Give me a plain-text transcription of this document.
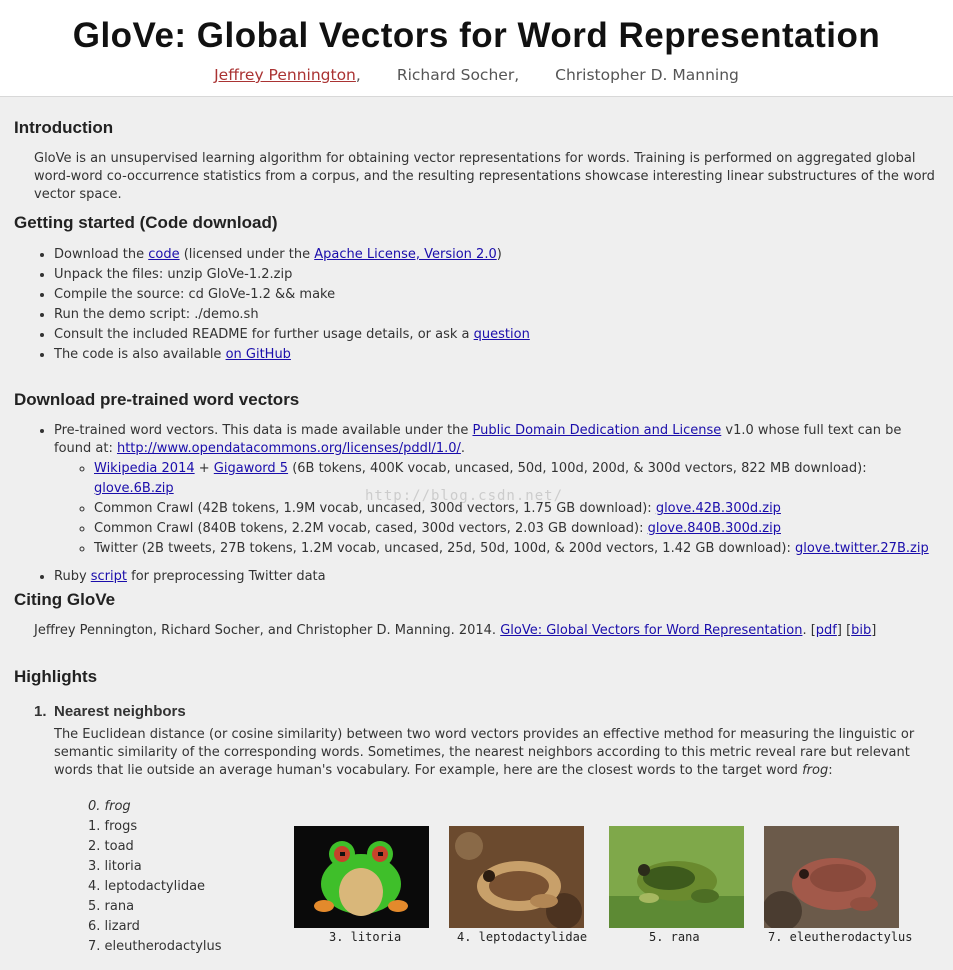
GloVe: Global Vectors for Word Representation
Jeffrey Pennington, Richard Socher, Christopher D. Manning
Introduction

GloVe is an unsupervised learning algorithm for obtaining vector representations for words. Training is performed on aggregated global word-word co-occurrence statistics from a corpus, and the resulting representations showcase interesting linear substructures of the word vector space.

Getting started (Code download)
• Download the code (licensed under the Apache License, Version 2.0)
• Unpack the files: unzip GloVe-1.2.zip
• Compile the source: cd GloVe-1.2 && make
• Run the demo script: ./demo.sh
• Consult the included README for further usage details, or ask a question
• The code is also available on GitHub
Download pre-trained word vectors
• Pre-trained word vectors. This data is made available under the Public Domain Dedication and License v1.0 whose full text can be found at: http://www.opendatacommons.org/licenses/pddl/1.0/.
◦ Wikipedia 2014 + Gigaword 5 (6B tokens, 400K vocab, uncased, 50d, 100d, 200d, & 300d vectors, 822 MB download): glove.6B.zip
◦ Common Crawl (42B tokens, 1.9M vocab, uncased, 300d vectors, 1.75 GB download): glove.42B.300d.zip
◦ Common Crawl (840B tokens, 2.2M vocab, cased, 300d vectors, 2.03 GB download): glove.840B.300d.zip
◦ Twitter (2B tweets, 27B tokens, 1.2M vocab, uncased, 25d, 50d, 100d, & 200d vectors, 1.42 GB download): glove.twitter.27B.zip
• Ruby script for preprocessing Twitter data
Citing GloVe

Jeffrey Pennington, Richard Socher, and Christopher D. Manning. 2014. GloVe: Global Vectors for Word Representation. [pdf] [bib]

Highlights
1. Nearest neighbors

The Euclidean distance (or cosine similarity) between two word vectors provides an effective method for measuring the linguistic or semantic similarity of the corresponding words. Sometimes, the nearest neighbors according to this metric reveal rare but relevant words that lie outside an average human's vocabulary. For example, here are the closest words to the target word frog:

0. frog
1. frogs
2. toad
3. litoria
4. leptodactylidae
5. rana
6. lizard
7. eleutherodactylus
3. litoria	4. leptodactylidae	5. rana	7. eleutherodactylus
http://blog.csdn.net/
